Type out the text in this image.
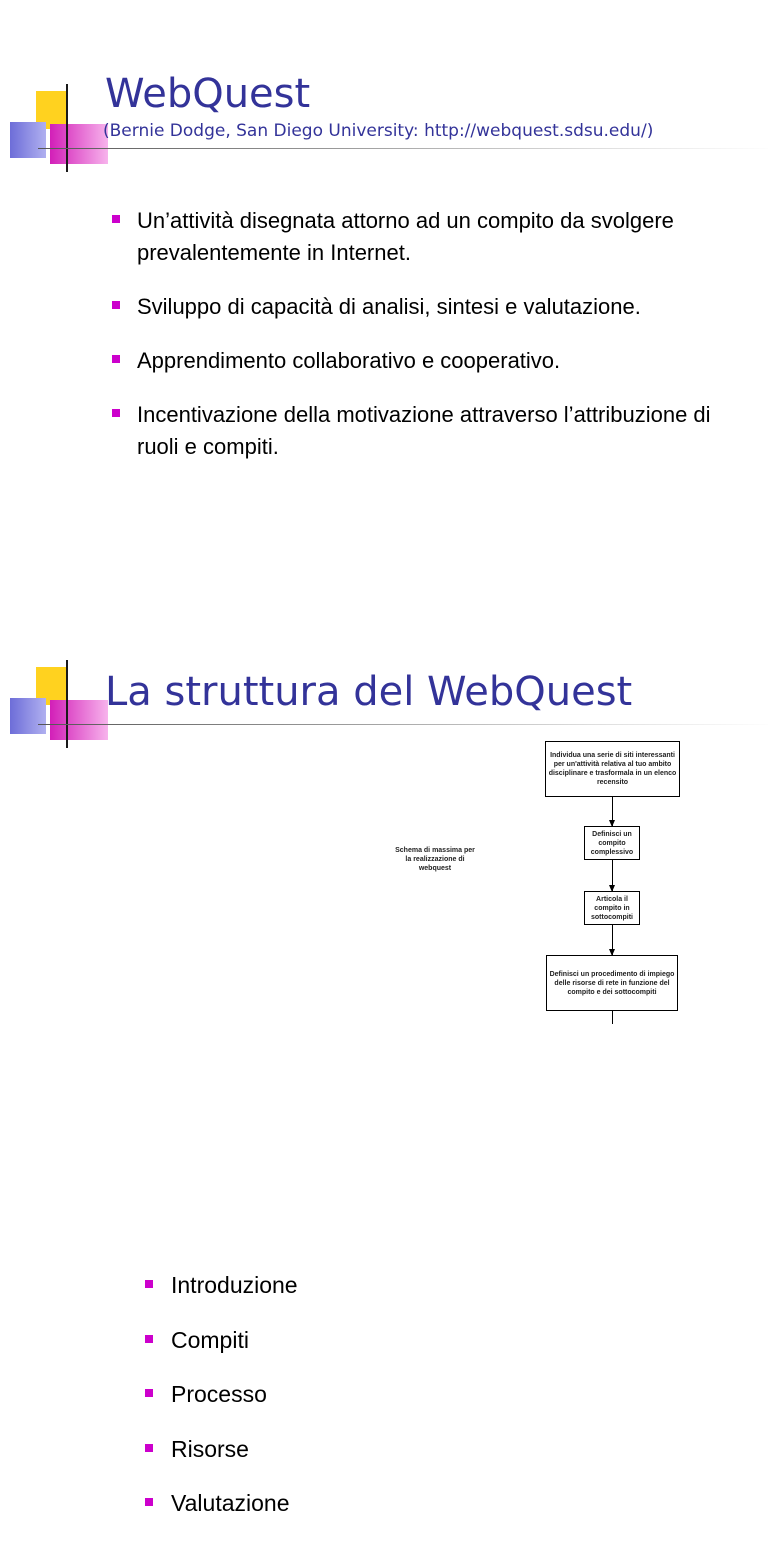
WebQuest
(Bernie Dodge, San Diego University: http://webquest.sdsu.edu/)
Un’attività disegnata attorno ad un compito da svolgere prevalentemente in Internet.
Sviluppo di capacità di analisi, sintesi e valutazione.
Apprendimento collaborativo e cooperativo.
Incentivazione della motivazione attraverso l’attribuzione di ruoli e compiti.
La struttura del WebQuest
Introduzione
Compiti
Processo
Risorse
Valutazione
Schema di massima per la realizzazione di webquest
Individua una serie di siti interessanti per un'attività relativa al tuo ambito disciplinare e trasformala in un elenco recensito
Definisci un compito complessivo
Articola il compito in sottocompiti
Definisci un procedimento di impiego delle risorse di rete in funzione del compito e dei sottocompiti
